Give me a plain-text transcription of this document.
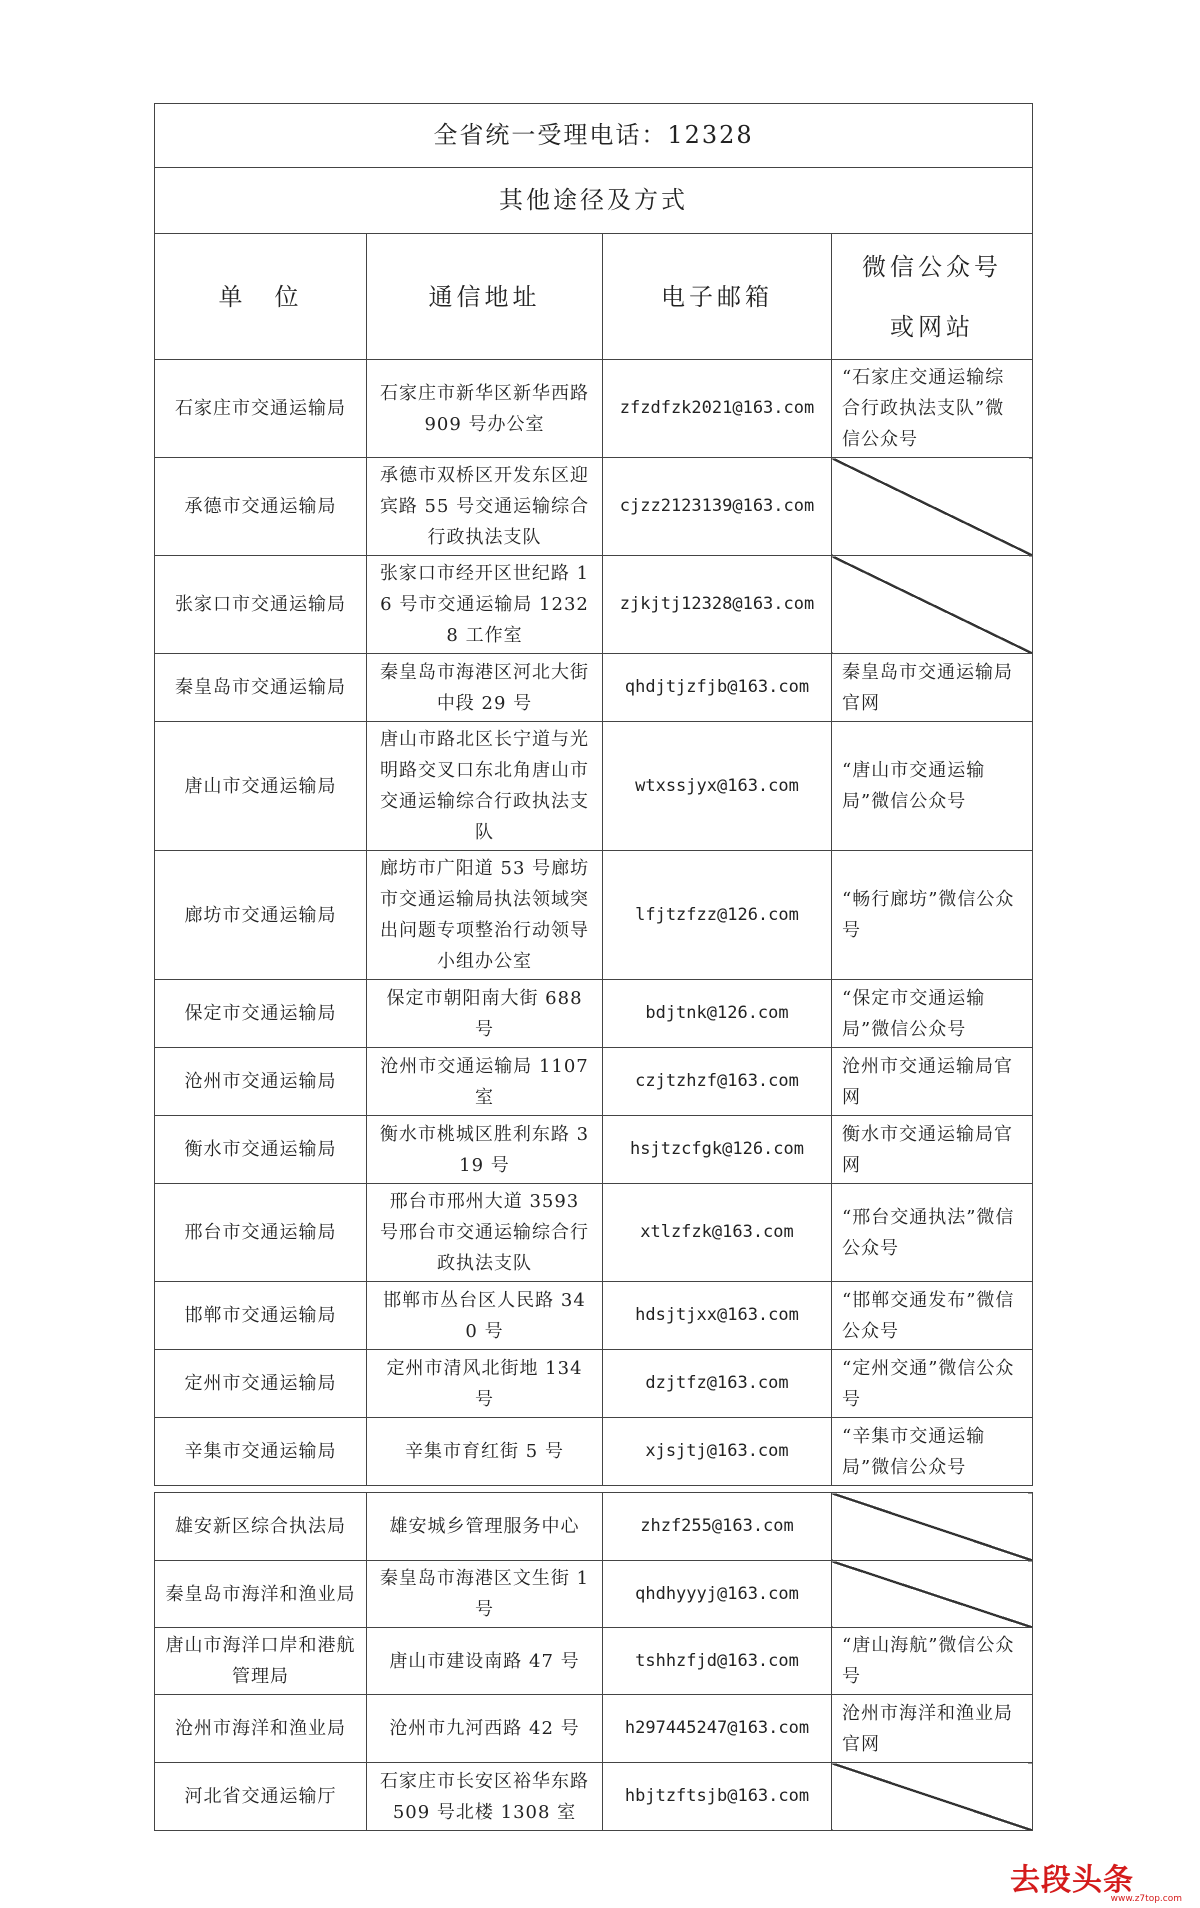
全省统一受理电话：12328			
其他途径及方式			
单　位	通信地址	电子邮箱	微信公众号
或网站
石家庄市交通运输局	石家庄市新华区新华西路 909 号办公室	zfzdfzk2021@163.com	“石家庄交通运输综合行政执法支队”微信公众号
承德市交通运输局	承德市双桥区开发东区迎宾路 55 号交通运输综合行政执法支队	cjzz2123139@163.com	
张家口市交通运输局	张家口市经开区世纪路 16 号市交通运输局 12328 工作室	zjkjtj12328@163.com	
秦皇岛市交通运输局	秦皇岛市海港区河北大街中段 29 号	qhdjtjzfjb@163.com	秦皇岛市交通运输局官网
唐山市交通运输局	唐山市路北区长宁道与光明路交叉口东北角唐山市交通运输综合行政执法支队	wtxssjyx@163.com	“唐山市交通运输局”微信公众号
廊坊市交通运输局	廊坊市广阳道 53 号廊坊市交通运输局执法领域突出问题专项整治行动领导小组办公室	lfjtzfzz@126.com	“畅行廊坊”微信公众号
保定市交通运输局	保定市朝阳南大街 688 号	bdjtnk@126.com	“保定市交通运输局”微信公众号
沧州市交通运输局	沧州市交通运输局 1107 室	czjtzhzf@163.com	沧州市交通运输局官网
衡水市交通运输局	衡水市桃城区胜利东路 319 号	hsjtzcfgk@126.com	衡水市交通运输局官网
邢台市交通运输局	邢台市邢州大道 3593 号邢台市交通运输综合行政执法支队	xtlzfzk@163.com	“邢台交通执法”微信公众号
邯郸市交通运输局	邯郸市丛台区人民路 340 号	hdsjtjxx@163.com	“邯郸交通发布”微信公众号
定州市交通运输局	定州市清风北街地 134 号	dzjtfz@163.com	“定州交通”微信公众号
辛集市交通运输局	辛集市育红街 5 号	xjsjtj@163.com	“辛集市交通运输局”微信公众号

雄安新区综合执法局	雄安城乡管理服务中心	zhzf255@163.com	
秦皇岛市海洋和渔业局	秦皇岛市海港区文生街 1 号	qhdhyyyj@163.com	
唐山市海洋口岸和港航管理局	唐山市建设南路 47 号	tshhzfjd@163.com	“唐山海航”微信公众号
沧州市海洋和渔业局	沧州市九河西路 42 号	h297445247@163.com	沧州市海洋和渔业局官网
河北省交通运输厅	石家庄市长安区裕华东路 509 号北楼 1308 室	hbjtzftsjb@163.com	
去段头条
www.z7top.com
